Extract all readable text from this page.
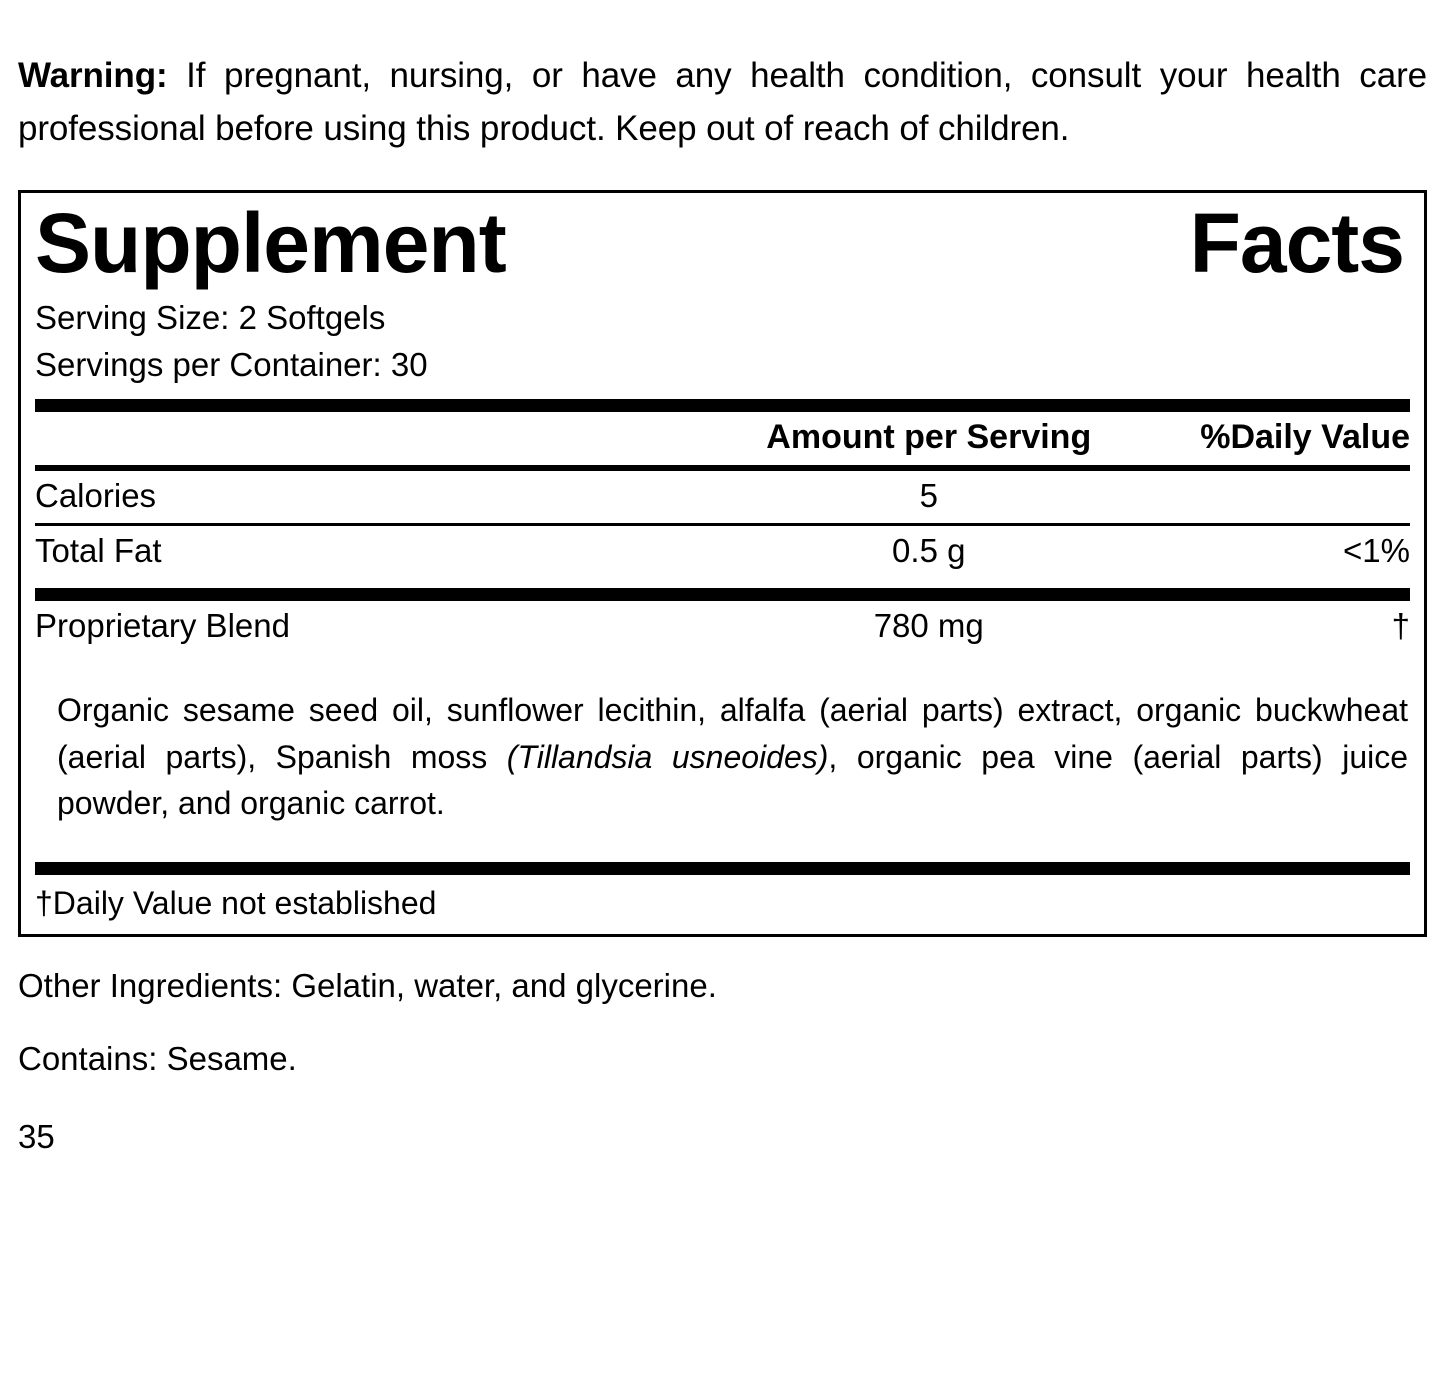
Warning: If pregnant, nursing, or have any health condition, consult your health care professional before using this product. Keep out of reach of children.

Supplement	Facts
Serving Size: 2 Softgels
Servings per Container: 30
	Amount per Serving	%Daily Value
Calories	5	
Total Fat	0.5 g	<1%
Proprietary Blend	780 mg	†

Organic sesame seed oil, sunflower lecithin, alfalfa (aerial parts) extract, organic buckwheat (aerial parts), Spanish moss (Tillandsia usneoides), organic pea vine (aerial parts) juice powder, and organic carrot.

†Daily Value not established
Other Ingredients: Gelatin, water, and glycerine.
Contains: Sesame.
35
